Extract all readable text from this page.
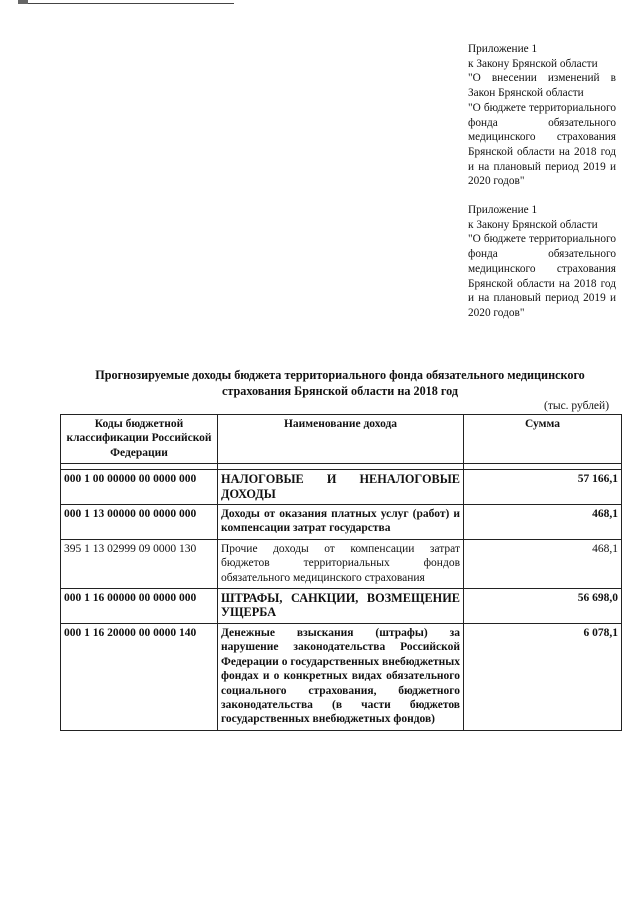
Приложение 1
к Закону Брянской области
"О внесении изменений в Закон Брянской области
"О бюджете территориального фонда обязательного медицинского страхования Брянской области на 2018 год и на плановый период 2019 и 2020 годов"
Приложение 1
к Закону Брянской области
"О бюджете территориального фонда обязательного медицинского страхования Брянской области на 2018 год и на плановый период 2019 и 2020 годов"
Прогнозируемые доходы бюджета территориального фонда обязательного медицинского страхования Брянской области на 2018 год
(тыс. рублей)
Коды бюджетной классификации Российской Федерации	Наименование дохода	Сумма

000 1 00 00000 00 0000 000	НАЛОГОВЫЕ И НЕНАЛОГОВЫЕ ДОХОДЫ	57 166,1
000 1 13 00000 00 0000 000	Доходы от оказания платных услуг (работ) и компенсации затрат государства	468,1
395 1 13 02999 09 0000 130	Прочие доходы от компенсации затрат бюджетов территориальных фондов обязательного медицинского страхования	468,1
000 1 16 00000 00 0000 000	ШТРАФЫ, САНКЦИИ, ВОЗМЕЩЕНИЕ УЩЕРБА	56 698,0
000 1 16 20000 00 0000 140	Денежные взыскания (штрафы) за нарушение законодательства Российской Федерации о государственных внебюджетных фондах и о конкретных видах обязательного социального страхования, бюджетного законодательства (в части бюджетов государственных внебюджетных фондов)	6 078,1
